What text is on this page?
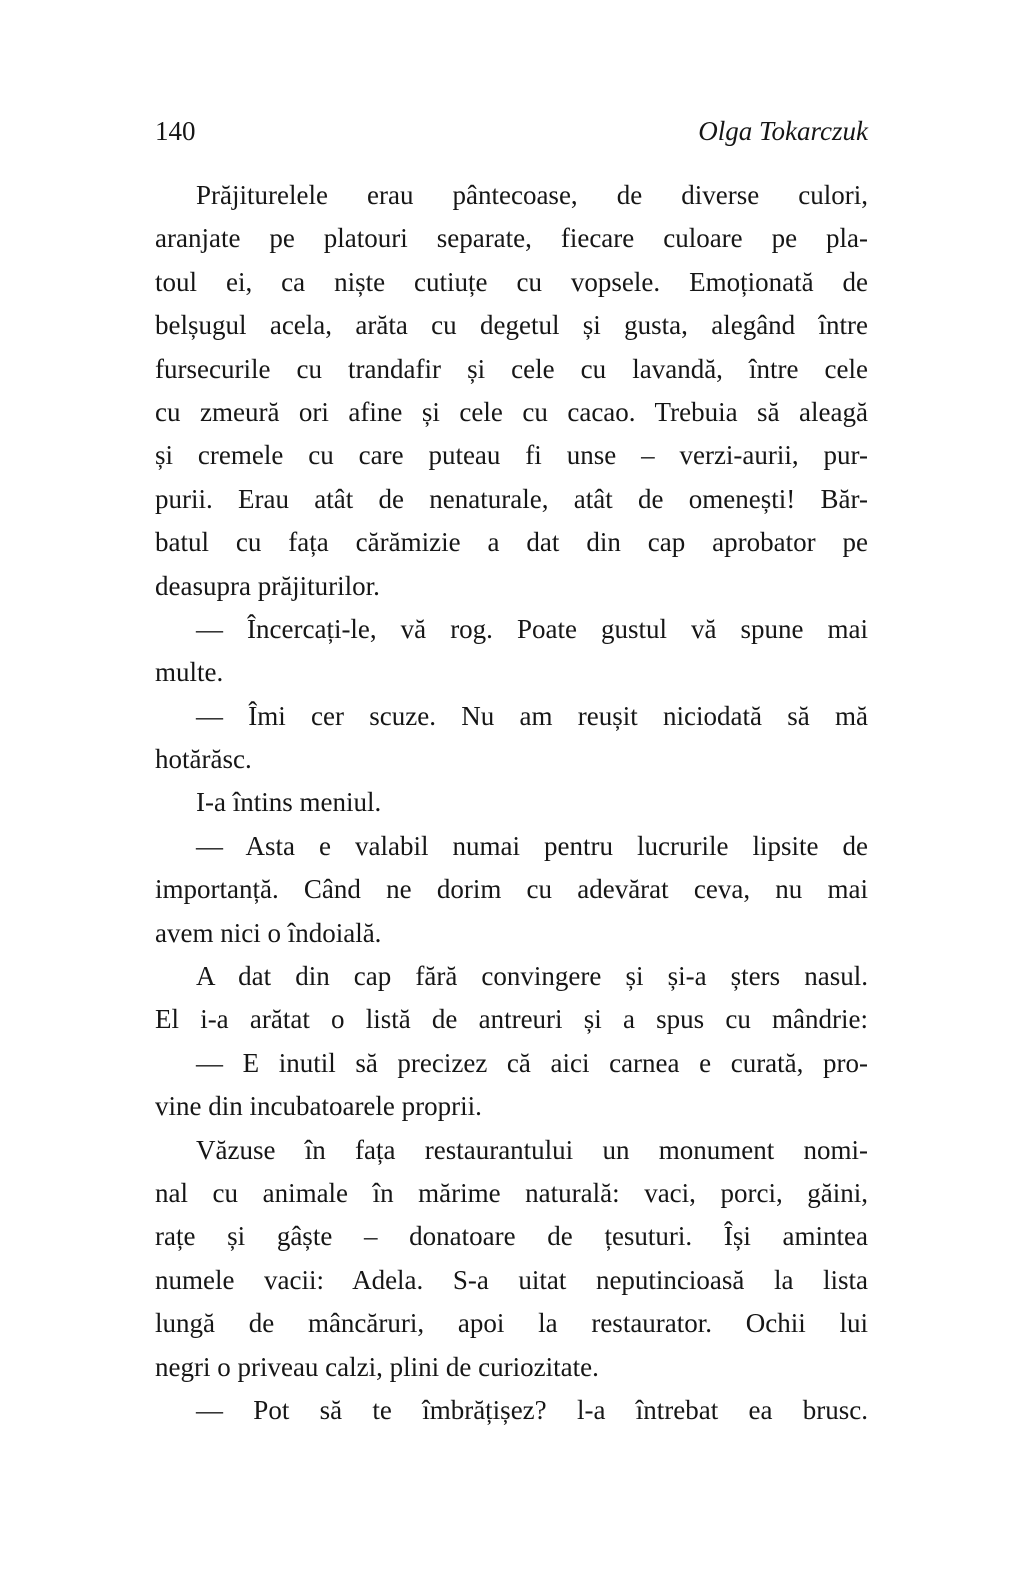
140	Olga Tokarczuk
Prăjiturelele erau pântecoase, de diverse culori,
aranjate pe platouri separate, fiecare culoare pe pla-
toul ei, ca niște cutiuțe cu vopsele. Emoționată de
belșugul acela, arăta cu degetul și gusta, alegând între
fursecurile cu trandafir și cele cu lavandă, între cele
cu zmeură ori afine și cele cu cacao. Trebuia să aleagă
și cremele cu care puteau fi unse – verzi-aurii, pur-
purii. Erau atât de nenaturale, atât de omenești! Băr-
batul cu fața cărămizie a dat din cap aprobator pe
deasupra prăjiturilor.
— Încercați-le, vă rog. Poate gustul vă spune mai
multe.
— Îmi cer scuze. Nu am reușit niciodată să mă
hotărăsc.
I-a întins meniul.
— Asta e valabil numai pentru lucrurile lipsite de
importanță. Când ne dorim cu adevărat ceva, nu mai
avem nici o îndoială.
A dat din cap fără convingere și și-a șters nasul.
El i-a arătat o listă de antreuri și a spus cu mândrie:
— E inutil să precizez că aici carnea e curată, pro-
vine din incubatoarele proprii.
Văzuse în fața restaurantului un monument nomi-
nal cu animale în mărime naturală: vaci, porci, găini,
rațe și gâște – donatoare de țesuturi. Își amintea
numele vacii: Adela. S-a uitat neputincioasă la lista
lungă de mâncăruri, apoi la restaurator. Ochii lui
negri o priveau calzi, plini de curiozitate.
— Pot să te îmbrățișez? l-a întrebat ea brusc.
